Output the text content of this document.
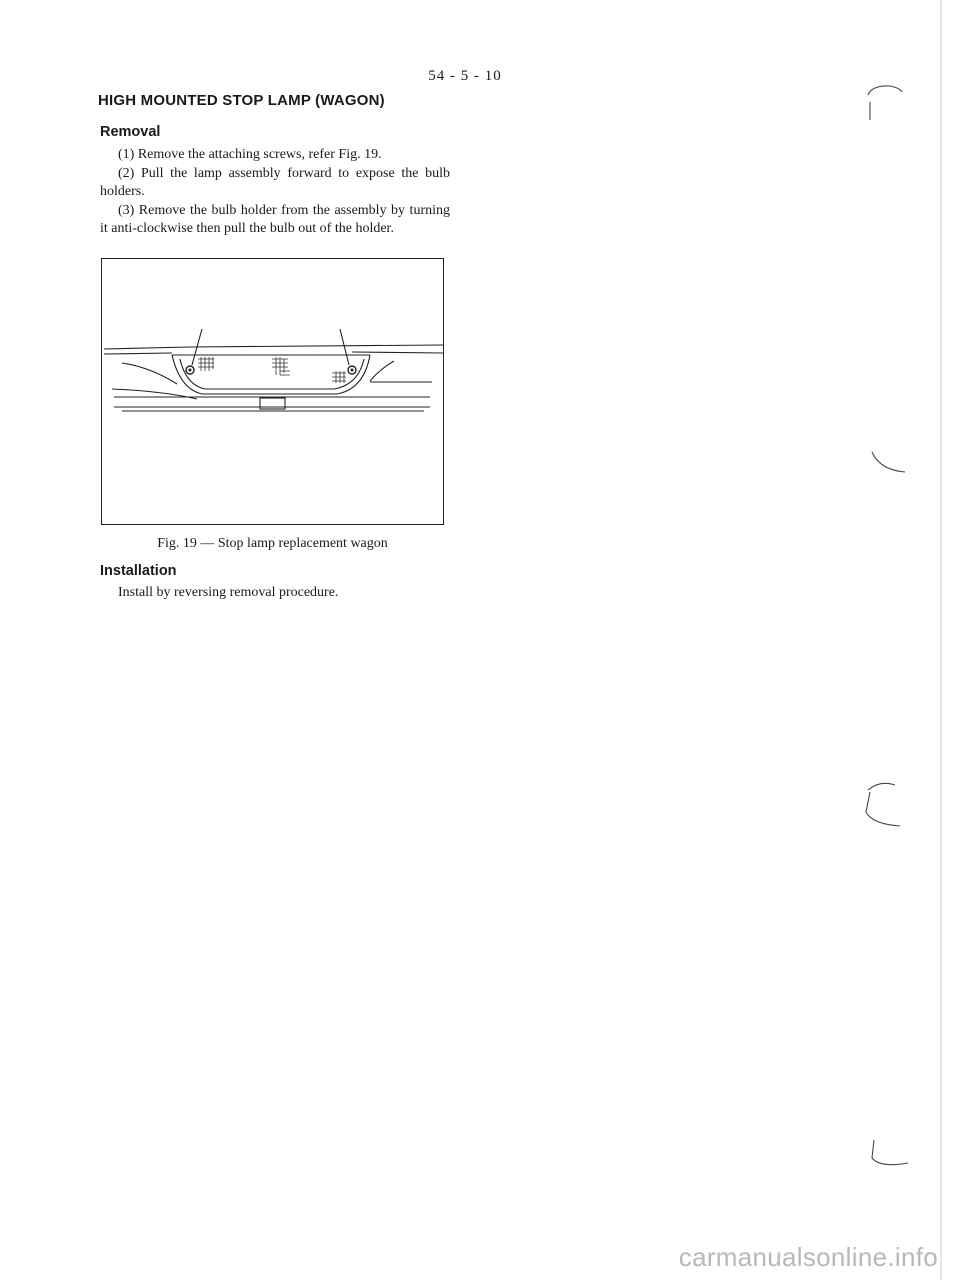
54 - 5 - 10
HIGH MOUNTED STOP LAMP (WAGON)
Removal

(1) Remove the attaching screws, refer Fig. 19.

(2) Pull the lamp assembly forward to expose the bulb holders.

(3) Remove the bulb holder from the assembly by turning it anti-clockwise then pull the bulb out of the holder.

Fig. 19 — Stop lamp replacement wagon
Installation
Install by reversing removal procedure.
carmanualsonline.info
